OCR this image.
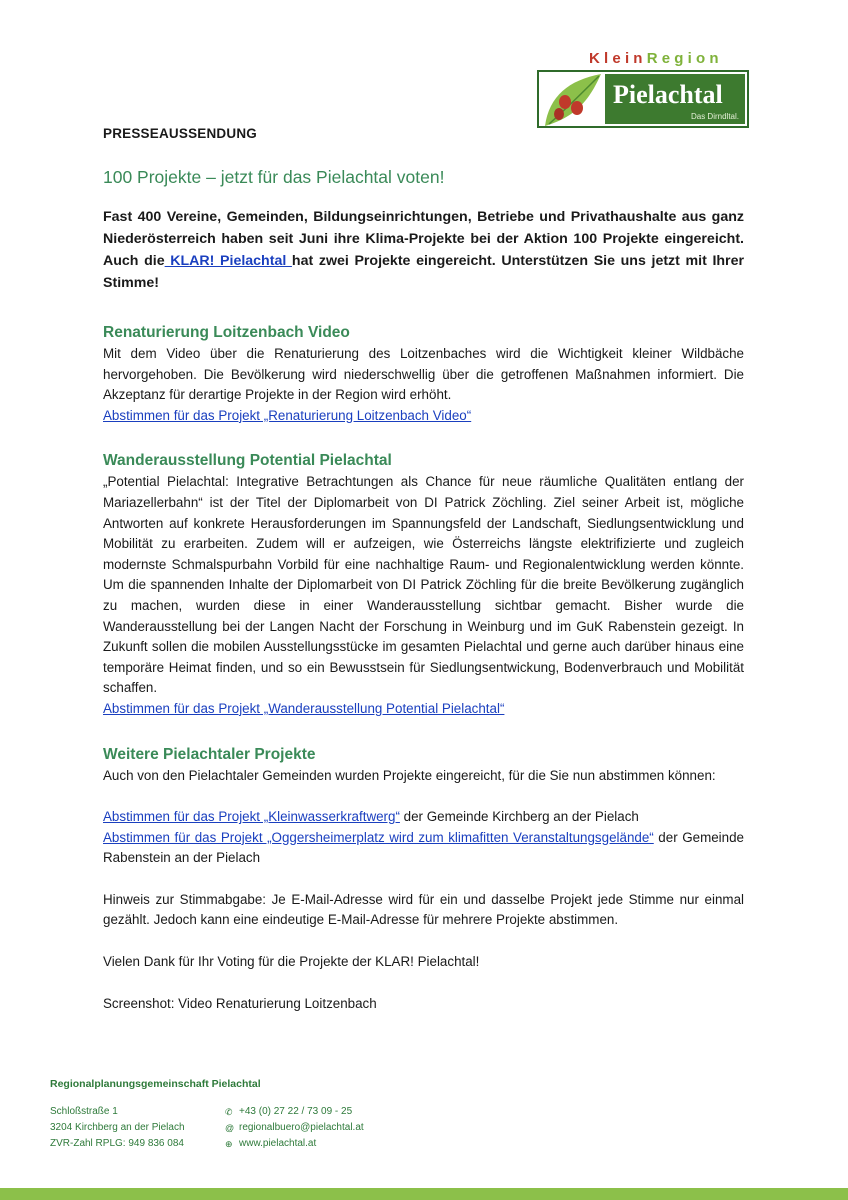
KleinRegion
Pielachtal
Das Dirndltal.
PRESSEAUSSENDUNG
100 Projekte – jetzt für das Pielachtal voten!

Fast 400 Vereine, Gemeinden, Bildungseinrichtungen, Betriebe und Privathaushalte aus ganz Niederösterreich haben seit Juni ihre Klima-Projekte bei der Aktion 100 Projekte eingereicht. Auch die KLAR! Pielachtal hat zwei Projekte eingereicht. Unterstützen Sie uns jetzt mit Ihrer Stimme!

Renaturierung Loitzenbach Video

Mit dem Video über die Renaturierung des Loitzenbaches wird die Wichtigkeit kleiner Wildbäche hervorgehoben. Die Bevölkerung wird niederschwellig über die getroffenen Maßnahmen informiert. Die Akzeptanz für derartige Projekte in der Region wird erhöht.

Abstimmen für das Projekt „Renaturierung Loitzenbach Video“
Wanderausstellung Potential Pielachtal

„Potential Pielachtal: Integrative Betrachtungen als Chance für neue räumliche Qualitäten entlang der Mariazellerbahn“ ist der Titel der Diplomarbeit von DI Patrick Zöchling. Ziel seiner Arbeit ist, mögliche Antworten auf konkrete Herausforderungen im Spannungsfeld der Landschaft, Siedlungsentwicklung und Mobilität zu erarbeiten. Zudem will er aufzeigen, wie Österreichs längste elektrifizierte und zugleich modernste Schmalspurbahn Vorbild für eine nachhaltige Raum- und Regionalentwicklung werden könnte. Um die spannenden Inhalte der Diplomarbeit von DI Patrick Zöchling für die breite Bevölkerung zugänglich zu machen, wurden diese in einer Wanderausstellung sichtbar gemacht. Bisher wurde die Wanderausstellung bei der Langen Nacht der Forschung in Weinburg und im GuK Rabenstein gezeigt. In Zukunft sollen die mobilen Ausstellungsstücke im gesamten Pielachtal und gerne auch darüber hinaus eine temporäre Heimat finden, und so ein Bewusstsein für Siedlungsentwickung, Bodenverbrauch und Mobilität schaffen.

Abstimmen für das Projekt „Wanderausstellung Potential Pielachtal“
Weitere Pielachtaler Projekte

Auch von den Pielachtaler Gemeinden wurden Projekte eingereicht, für die Sie nun abstimmen können:

Abstimmen für das Projekt „Kleinwasserkraftwerg“ der Gemeinde Kirchberg an der Pielach

Abstimmen für das Projekt „Oggersheimerplatz wird zum klimafitten Veranstaltungsgelände“ der Gemeinde Rabenstein an der Pielach

Hinweis zur Stimmabgabe: Je E-Mail-Adresse wird für ein und dasselbe Projekt jede Stimme nur einmal gezählt. Jedoch kann eine eindeutige E-Mail-Adresse für mehrere Projekte abstimmen.

Vielen Dank für Ihr Voting für die Projekte der KLAR! Pielachtal!

Screenshot: Video Renaturierung Loitzenbach

Regionalplanungsgemeinschaft Pielachtal
Schloßstraße 1
3204 Kirchberg an der Pielach
ZVR-Zahl RPLG: 949 836 084
✆ +43 (0) 27 22 / 73 09 - 25
@ regionalbuero@pielachtal.at
⊕ www.pielachtal.at
